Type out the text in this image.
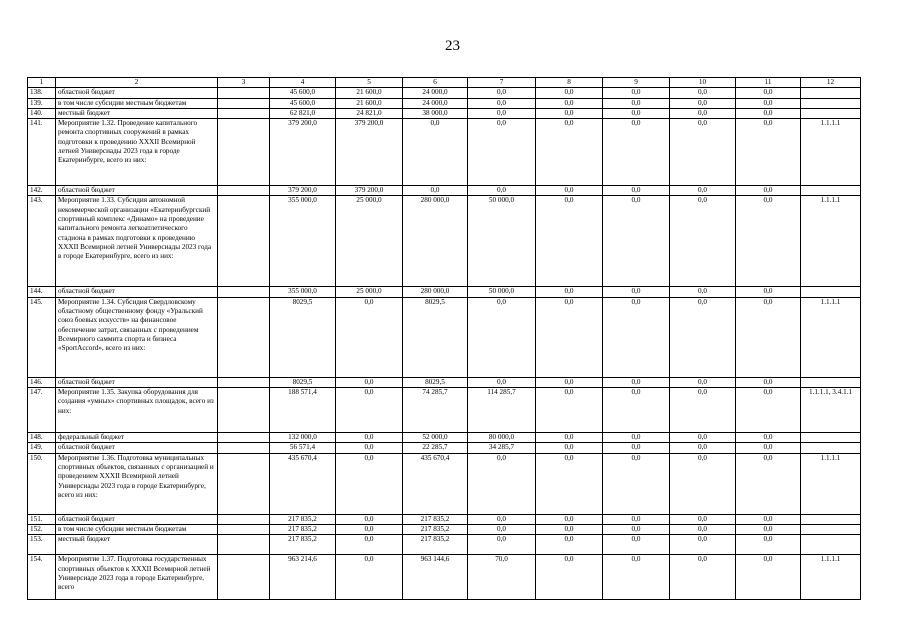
23
1	2	3	4	5	6	7	8	9	10	11	12
138.	областной бюджет		45 600,0	21 600,0	24 000,0	0,0	0,0	0,0	0,0	0,0	
139.	в том числе субсидии местным бюджетам		45 600,0	21 600,0	24 000,0	0,0	0,0	0,0	0,0	0,0	
140.	местный бюджет		62 821,0	24 821,0	38 000,0	0,0	0,0	0,0	0,0	0,0	
141.	Мероприятие 1.32. Проведение капитального ремонта спортивных сооружений в рамках подготовки к проведению XXXII Всемирной летней Универсиады 2023 года в городе Екатеринбурге, всего из них:		379 200,0	379 200,0	0,0	0,0	0,0	0,0	0,0	0,0	1.1.1.1
142.	областной бюджет		379 200,0	379 200,0	0,0	0,0	0,0	0,0	0,0	0,0	
143.	Мероприятие 1.33. Субсидия автономной некоммерческой организации «Екатеринбургский спортивный комплекс «Динамо» на проведение капитального ремонта легкоатлетического стадиона в рамках подготовки к проведению XXXII Всемирной летней Универсиады 2023 года в городе Екатеринбурге, всего из них:		355 000,0	25 000,0	280 000,0	50 000,0	0,0	0,0	0,0	0,0	1.1.1.1
144.	областной бюджет		355 000,0	25 000,0	280 000,0	50 000,0	0,0	0,0	0,0	0,0	
145.	Мероприятие 1.34. Субсидия Свердловскому областному общественному фонду «Уральский союз боевых искусств» на финансовое обеспечение затрат, связанных с проведением Всемирного саммита спорта и бизнеса «SportAccord», всего из них:		8029,5	0,0	8029,5	0,0	0,0	0,0	0,0	0,0	1.1.1.1
146.	областной бюджет		8029,5	0,0	8029,5	0,0	0,0	0,0	0,0	0,0	
147.	Мероприятие 1.35. Закупка оборудования для создания «умных» спортивных площадок, всего из них:		188 571,4	0,0	74 285,7	114 285,7	0,0	0,0	0,0	0,0	1.1.1.1, 3.4.1.1
148.	федеральный бюджет		132 000,0	0,0	52 000,0	80 000,0	0,0	0,0	0,0	0,0	
149.	областной бюджет		56 571,4	0,0	22 285,7	34 285,7	0,0	0,0	0,0	0,0	
150.	Мероприятие 1.36. Подготовка муниципальных спортивных объектов, связанных с организацией и проведением XXXII Всемирной летней Универсиады 2023 года в городе Екатеринбурге, всего из них:		435 670,4	0,0	435 670,4	0,0	0,0	0,0	0,0	0,0	1.1.1.1
151.	областной бюджет		217 835,2	0,0	217 835,2	0,0	0,0	0,0	0,0	0,0	
152.	в том числе субсидии местным бюджетам		217 835,2	0,0	217 835,2	0,0	0,0	0,0	0,0	0,0	
153.	местный бюджет		217 835,2	0,0	217 835,2	0,0	0,0	0,0	0,0	0,0	
154.	Мероприятие 1.37. Подготовка государственных спортивных объектов к XXXII Всемирной летней Универсиаде 2023 года в городе Екатеринбурге, всего		963 214,6	0,0	963 144,6	70,0	0,0	0,0	0,0	0,0	1.1.1.1
